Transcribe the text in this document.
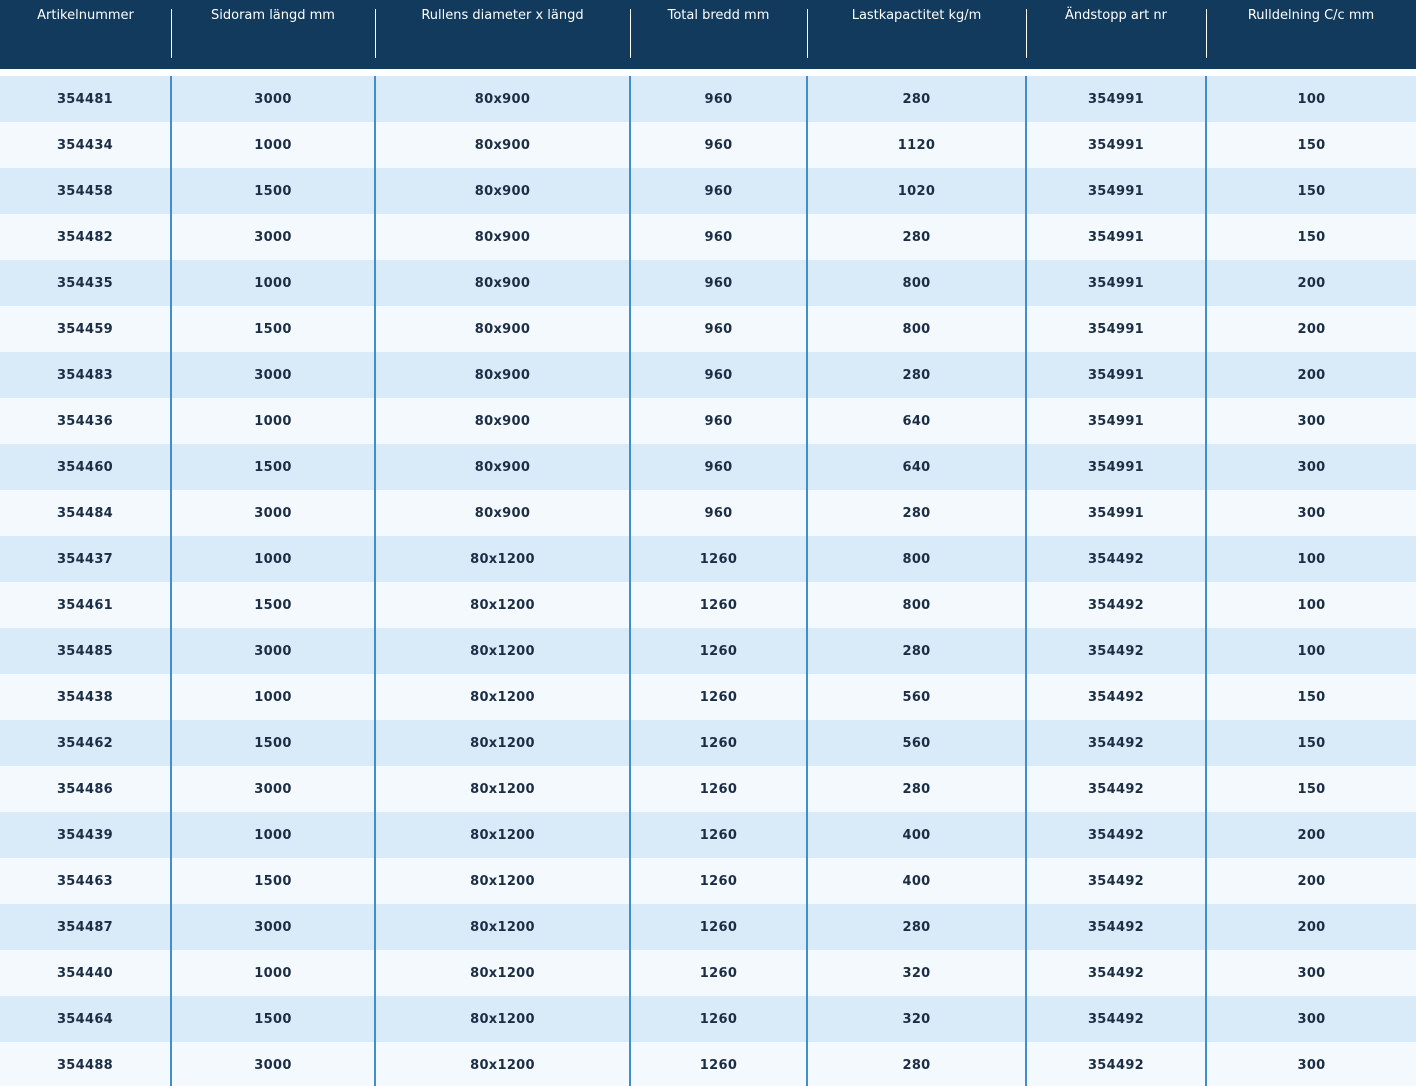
Artikelnummer	Sidoram längd mm	Rullens diameter x längd	Total bredd mm	Lastkapactitet kg/m	Ändstopp art nr	Rulldelning C/c mm

354481	3000	80x900	960	280	354991	100
354434	1000	80x900	960	1120	354991	150
354458	1500	80x900	960	1020	354991	150
354482	3000	80x900	960	280	354991	150
354435	1000	80x900	960	800	354991	200
354459	1500	80x900	960	800	354991	200
354483	3000	80x900	960	280	354991	200
354436	1000	80x900	960	640	354991	300
354460	1500	80x900	960	640	354991	300
354484	3000	80x900	960	280	354991	300
354437	1000	80x1200	1260	800	354492	100
354461	1500	80x1200	1260	800	354492	100
354485	3000	80x1200	1260	280	354492	100
354438	1000	80x1200	1260	560	354492	150
354462	1500	80x1200	1260	560	354492	150
354486	3000	80x1200	1260	280	354492	150
354439	1000	80x1200	1260	400	354492	200
354463	1500	80x1200	1260	400	354492	200
354487	3000	80x1200	1260	280	354492	200
354440	1000	80x1200	1260	320	354492	300
354464	1500	80x1200	1260	320	354492	300
354488	3000	80x1200	1260	280	354492	300
